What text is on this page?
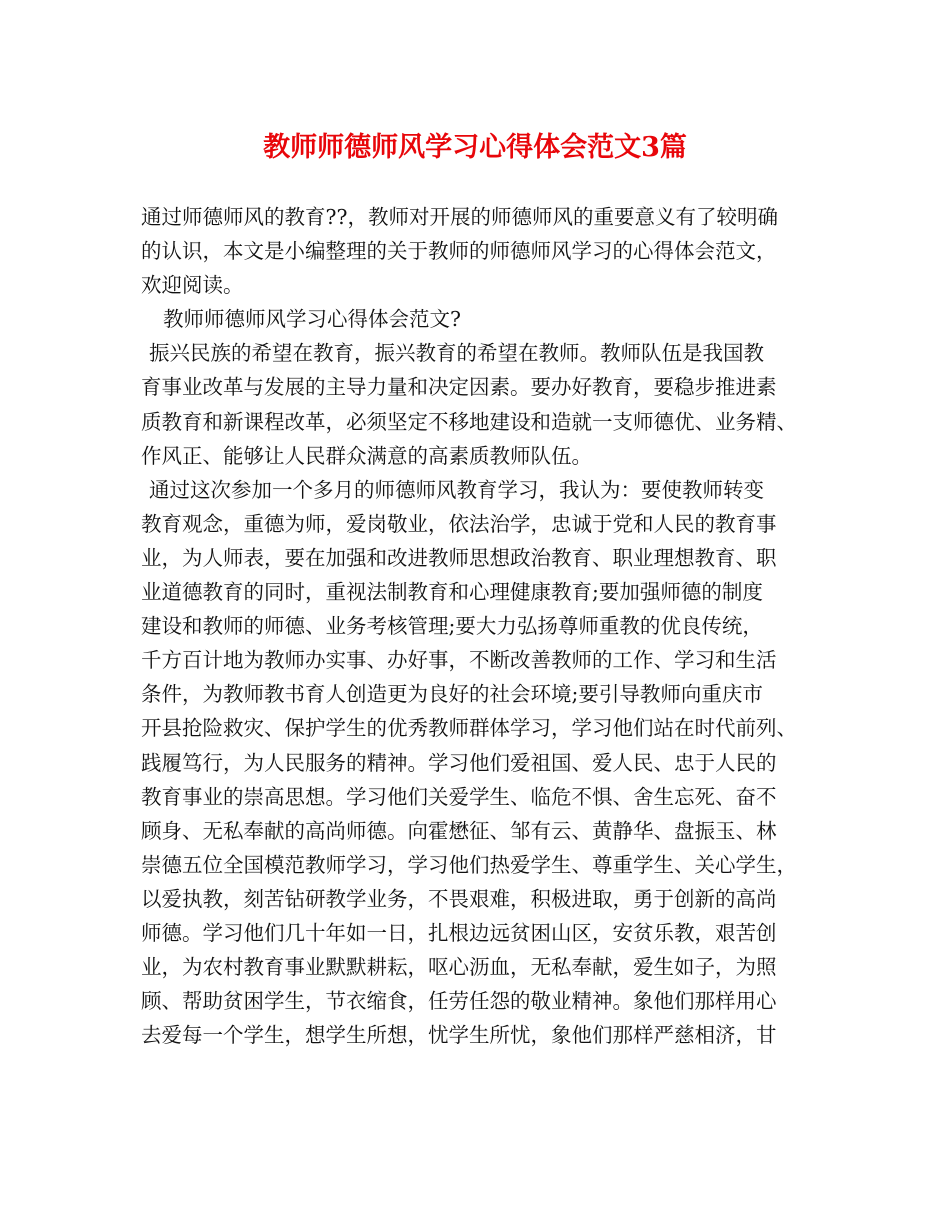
教师师德师风学习心得体会范文3篇
通过师德师风的教育??，教师对开展的师德师风的重要意义有了较明确
的认识，本文是小编整理的关于教师的师德师风学习的心得体会范文，
欢迎阅读。
教师师德师风学习心得体会范文?
振兴民族的希望在教育，振兴教育的希望在教师。教师队伍是我国教
育事业改革与发展的主导力量和决定因素。要办好教育，要稳步推进素
质教育和新课程改革，必须坚定不移地建设和造就一支师德优、业务精、
作风正、能够让人民群众满意的高素质教师队伍。
通过这次参加一个多月的师德师风教育学习，我认为：要使教师转变
教育观念，重德为师，爱岗敬业，依法治学，忠诚于党和人民的教育事
业，为人师表，要在加强和改进教师思想政治教育、职业理想教育、职
业道德教育的同时，重视法制教育和心理健康教育;要加强师德的制度
建设和教师的师德、业务考核管理;要大力弘扬尊师重教的优良传统，
千方百计地为教师办实事、办好事，不断改善教师的工作、学习和生活
条件，为教师教书育人创造更为良好的社会环境;要引导教师向重庆市
开县抢险救灾、保护学生的优秀教师群体学习，学习他们站在时代前列、
践履笃行，为人民服务的精神。学习他们爱祖国、爱人民、忠于人民的
教育事业的崇高思想。学习他们关爱学生、临危不惧、舍生忘死、奋不
顾身、无私奉献的高尚师德。向霍懋征、邹有云、黄静华、盘振玉、林
崇德五位全国模范教师学习，学习他们热爱学生、尊重学生、关心学生，
以爱执教，刻苦钻研教学业务，不畏艰难，积极进取，勇于创新的高尚
师德。学习他们几十年如一日，扎根边远贫困山区，安贫乐教，艰苦创
业，为农村教育事业默默耕耘，呕心沥血，无私奉献，爱生如子，为照
顾、帮助贫困学生，节衣缩食，任劳任怨的敬业精神。象他们那样用心
去爱每一个学生，想学生所想，忧学生所忧，象他们那样严慈相济，甘
